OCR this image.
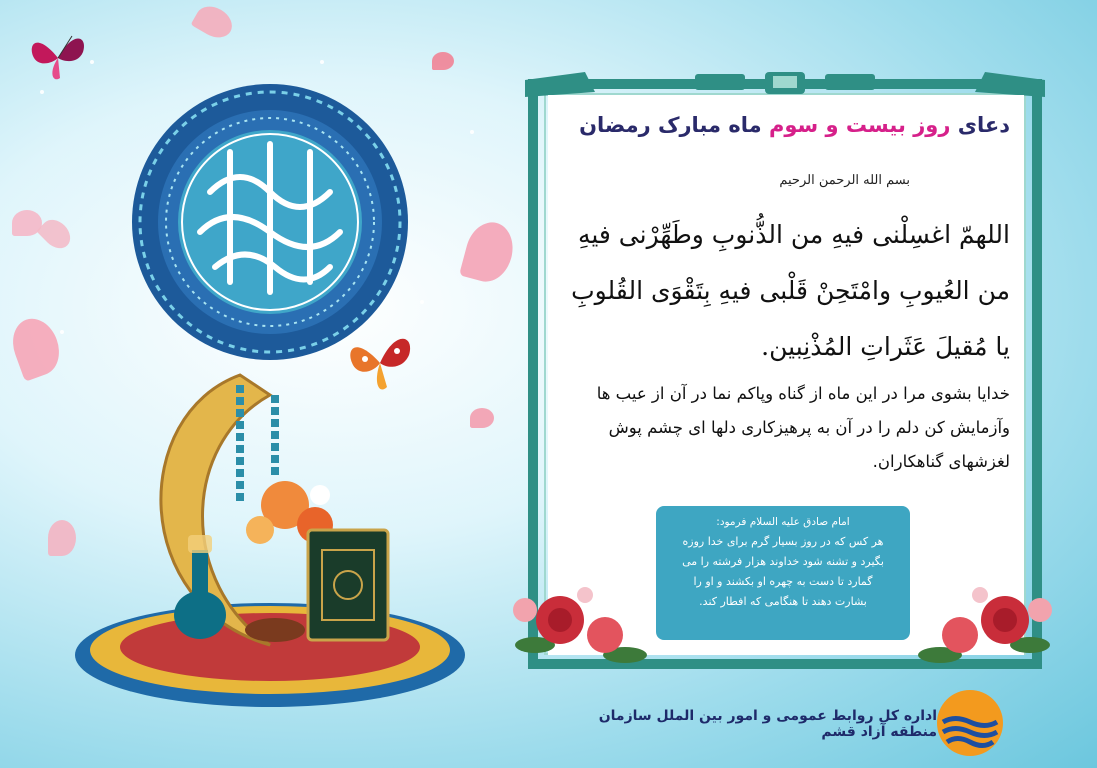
دعای روز بیست و سوم ماه مبارک رمضان
بسم الله الرحمن الرحیم
اللهمّ اغسِلْنی فیهِ من الذُّنوبِ وطَهِّرْنی فیهِ
من العُیوبِ وامْتَحِنْ قَلْبی فیهِ بِتَقْوَی القُلوبِ
یا مُقیلَ عَثَراتِ المُذْنِبین.
خدایا بشوی مرا در این ماه از گناه وپاکم نما در آن از عیب ها
وآزمایش کن دلم را در آن به پرهیزکاری دلها ای چشم پوش
لغزشهای گناهکاران.
امام صادق علیه السلام فرمود:
هر کس که در روز بسیار گرم برای خدا روزه
بگیرد و تشنه شود خداوند هزار فرشته را می
گمارد تا دست به چهره او بکشند و او را
بشارت دهند تا هنگامی که افطار کند.
اداره کل روابط عمومی و امور بین الملل سازمان منطقه آزاد قشم
